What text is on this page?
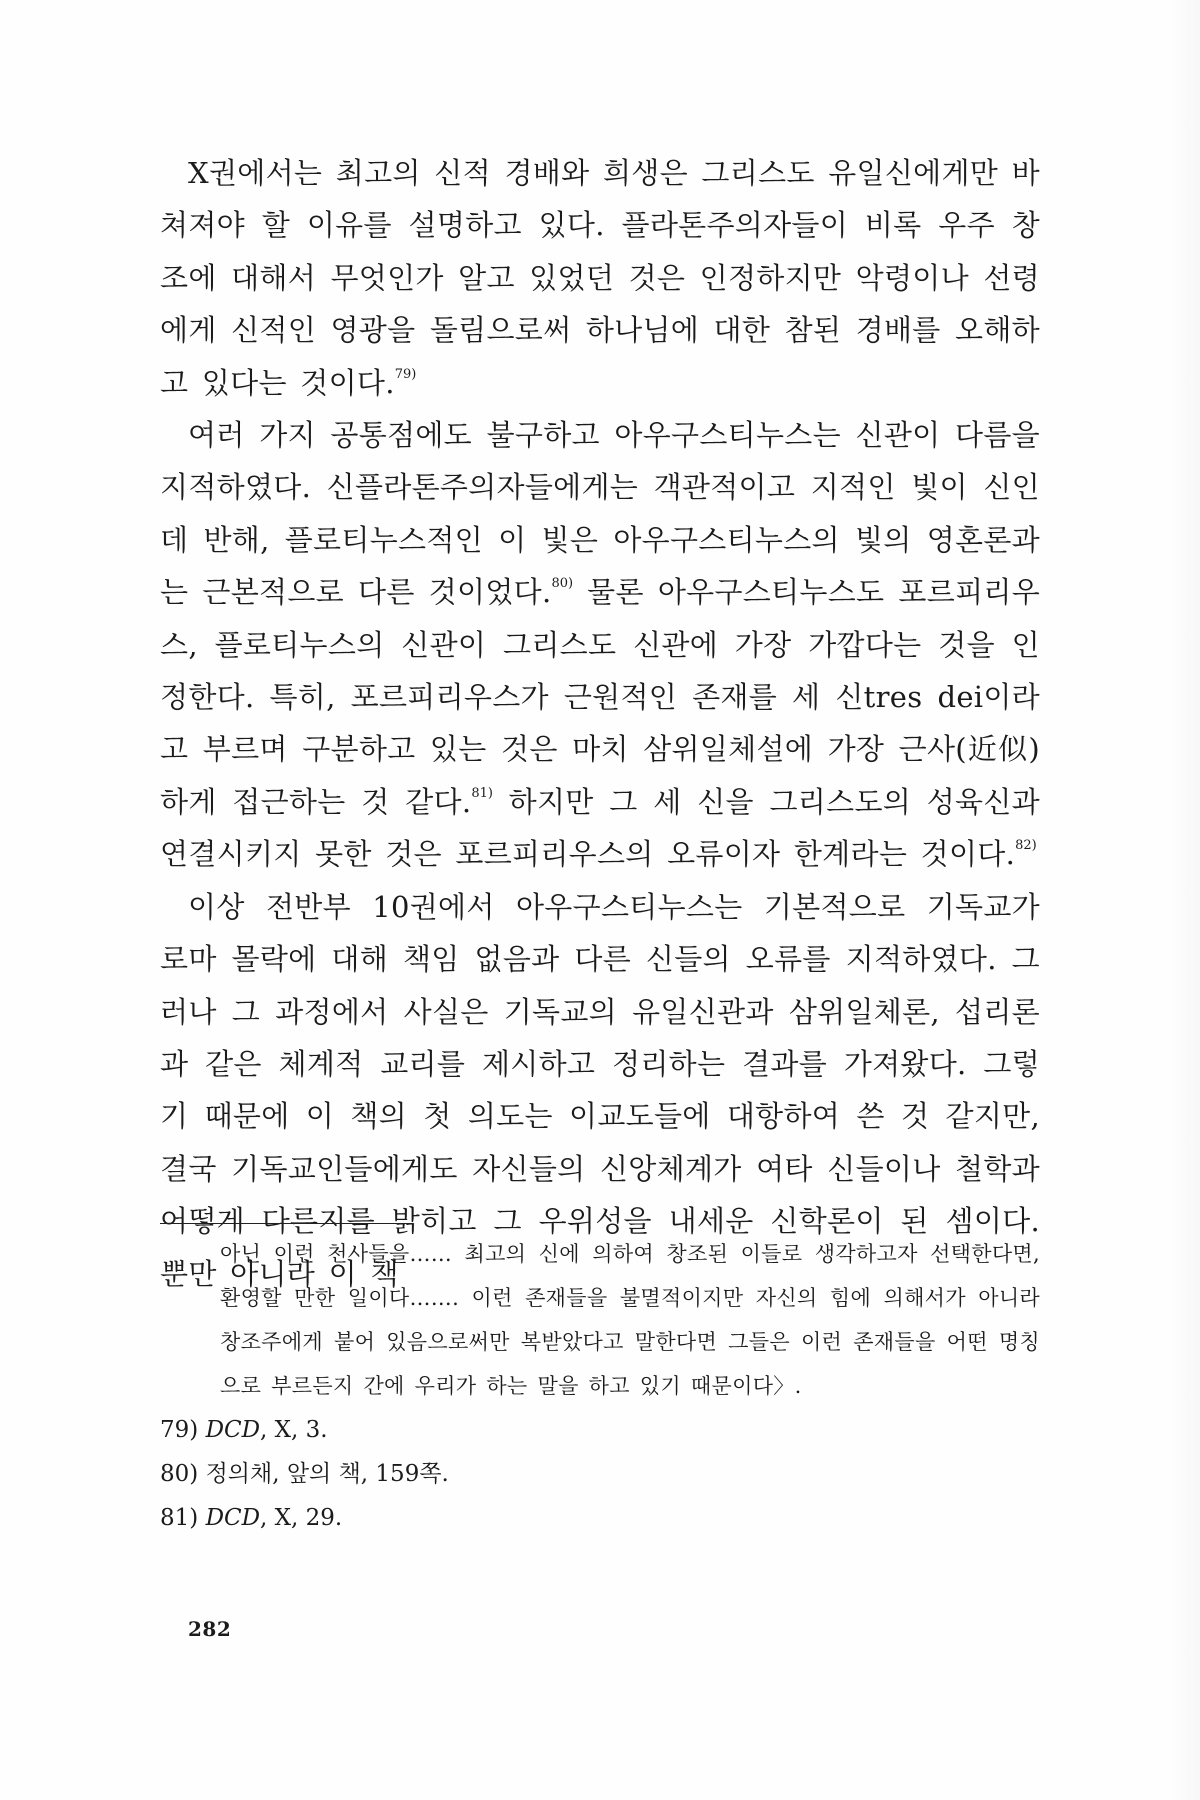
Ⅹ권에서는 최고의 신적 경배와 희생은 그리스도 유일신에게만 바쳐져야 할 이유를 설명하고 있다. 플라톤주의자들이 비록 우주 창조에 대해서 무엇인가 알고 있었던 것은 인정하지만 악령이나 선령에게 신적인 영광을 돌림으로써 하나님에 대한 참된 경배를 오해하고 있다는 것이다.$^{79)}$

여러 가지 공통점에도 불구하고 아우구스티누스는 신관이 다름을 지적하였다. 신플라톤주의자들에게는 객관적이고 지적인 빛이 신인데 반해, 플로티누스적인 이 빛은 아우구스티누스의 빛의 영혼론과는 근본적으로 다른 것이었다.$^{80)}$ 물론 아우구스티누스도 포르피리우스, 플로티누스의 신관이 그리스도 신관에 가장 가깝다는 것을 인정한다. 특히, 포르피리우스가 근원적인 존재를 세 신tres dei이라고 부르며 구분하고 있는 것은 마치 삼위일체설에 가장 근사(近似)하게 접근하는 것 같다.$^{81)}$ 하지만 그 세 신을 그리스도의 성육신과 연결시키지 못한 것은 포르피리우스의 오류이자 한계라는 것이다.$^{82)}$

이상 전반부 10권에서 아우구스티누스는 기본적으로 기독교가 로마 몰락에 대해 책임 없음과 다른 신들의 오류를 지적하였다. 그러나 그 과정에서 사실은 기독교의 유일신관과 삼위일체론, 섭리론과 같은 체계적 교리를 제시하고 정리하는 결과를 가져왔다. 그렇기 때문에 이 책의 첫 의도는 이교도들에 대항하여 쓴 것 같지만, 결국 기독교인들에게도 자신들의 신앙체계가 여타 신들이나 철학과 어떻게 다른지를 밝히고 그 우위성을 내세운 신학론이 된 셈이다. 뿐만 아니라 이 책

아닌 이런 천사들을…… 최고의 신에 의하여 창조된 이들로 생각하고자 선택한다면, 환영할 만한 일이다……. 이런 존재들을 불멸적이지만 자신의 힘에 의해서가 아니라 창조주에게 붙어 있음으로써만 복받았다고 말한다면 그들은 이런 존재들을 어떤 명칭으로 부르든지 간에 우리가 하는 말을 하고 있기 때문이다〉.

79) DCD, Ⅹ, 3.

80) 정의채, 앞의 책, 159쪽.

81) DCD, Ⅹ, 29.

282
